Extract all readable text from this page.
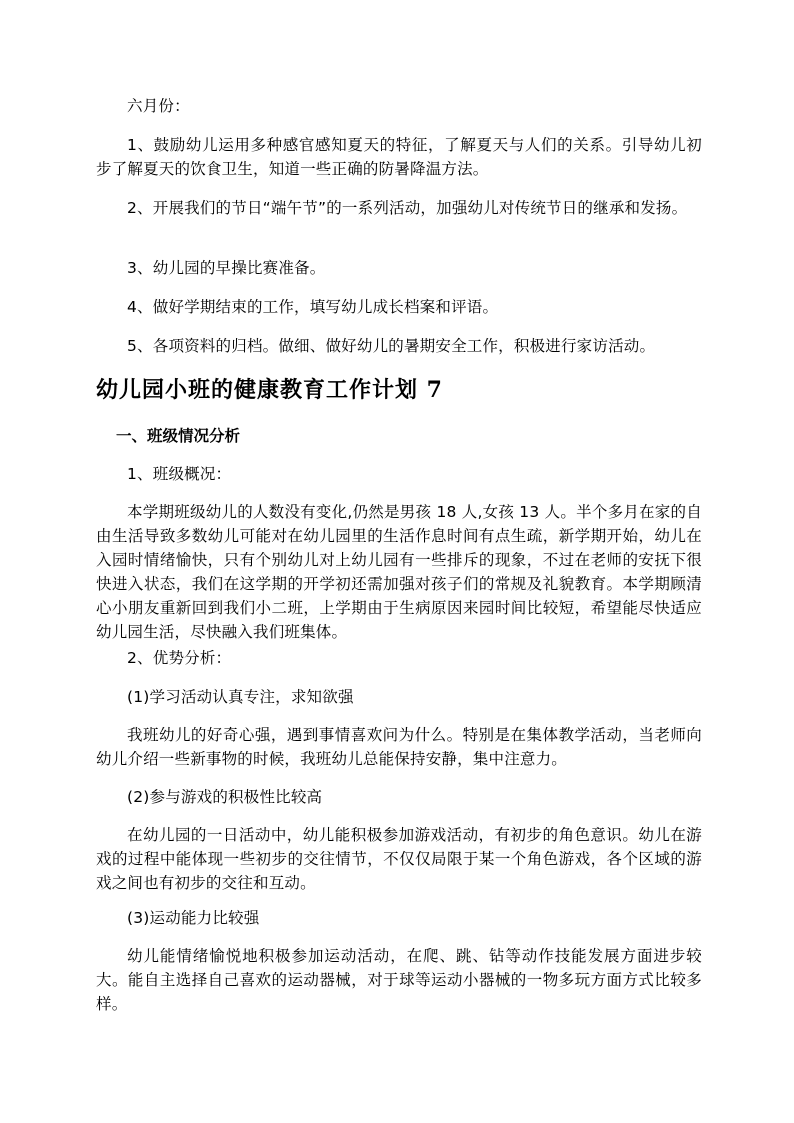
六月份：

1、鼓励幼儿运用多种感官感知夏天的特征，了解夏天与人们的关系。引导幼儿初步了解夏天的饮食卫生，知道一些正确的防暑降温方法。

2、开展我们的节日“端午节”的一系列活动，加强幼儿对传统节日的继承和发扬。

3、幼儿园的早操比赛准备。

4、做好学期结束的工作，填写幼儿成长档案和评语。

5、各项资料的归档。做细、做好幼儿的暑期安全工作，积极进行家访活动。

幼儿园小班的健康教育工作计划 7

一、班级情况分析

1、班级概况：

本学期班级幼儿的人数没有变化,仍然是男孩 18 人,女孩 13 人。半个多月在家的自由生活导致多数幼儿可能对在幼儿园里的生活作息时间有点生疏，新学期开始，幼儿在入园时情绪愉快，只有个别幼儿对上幼儿园有一些排斥的现象，不过在老师的安抚下很快进入状态，我们在这学期的开学初还需加强对孩子们的常规及礼貌教育。本学期顾清心小朋友重新回到我们小二班，上学期由于生病原因来园时间比较短，希望能尽快适应幼儿园生活，尽快融入我们班集体。

2、优势分析：

(1)学习活动认真专注，求知欲强

我班幼儿的好奇心强，遇到事情喜欢问为什么。特别是在集体教学活动，当老师向幼儿介绍一些新事物的时候，我班幼儿总能保持安静，集中注意力。

(2)参与游戏的积极性比较高

在幼儿园的一日活动中，幼儿能积极参加游戏活动，有初步的角色意识。幼儿在游戏的过程中能体现一些初步的交往情节，不仅仅局限于某一个角色游戏，各个区域的游戏之间也有初步的交往和互动。

(3)运动能力比较强

幼儿能情绪愉悦地积极参加运动活动，在爬、跳、钻等动作技能发展方面进步较大。能自主选择自己喜欢的运动器械，对于球等运动小器械的一物多玩方面方式比较多样。
